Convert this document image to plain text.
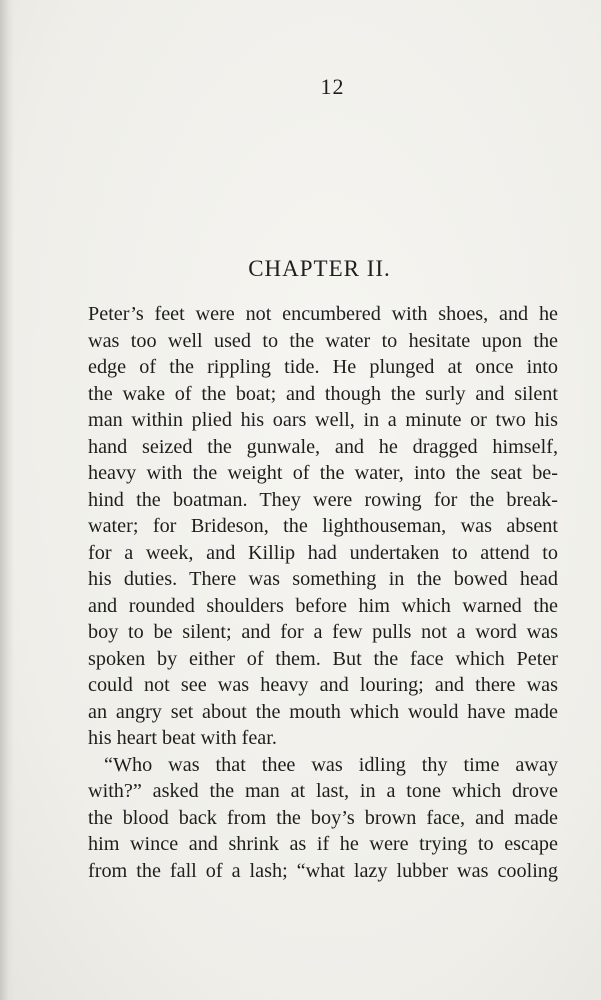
12
CHAPTER II.
Peter’s feet were not encumbered with shoes, and he
was too well used to the water to hesitate upon the
edge of the rippling tide. He plunged at once into
the wake of the boat; and though the surly and silent
man within plied his oars well, in a minute or two his
hand seized the gunwale, and he dragged himself,
heavy with the weight of the water, into the seat be-
hind the boatman. They were rowing for the break-
water; for Brideson, the lighthouseman, was absent
for a week, and Killip had undertaken to attend to
his duties. There was something in the bowed head
and rounded shoulders before him which warned the
boy to be silent; and for a few pulls not a word was
spoken by either of them. But the face which Peter
could not see was heavy and louring; and there was
an angry set about the mouth which would have made
his heart beat with fear.
“Who was that thee was idling thy time away
with?” asked the man at last, in a tone which drove
the blood back from the boy’s brown face, and made
him wince and shrink as if he were trying to escape
from the fall of a lash; “what lazy lubber was cooling
